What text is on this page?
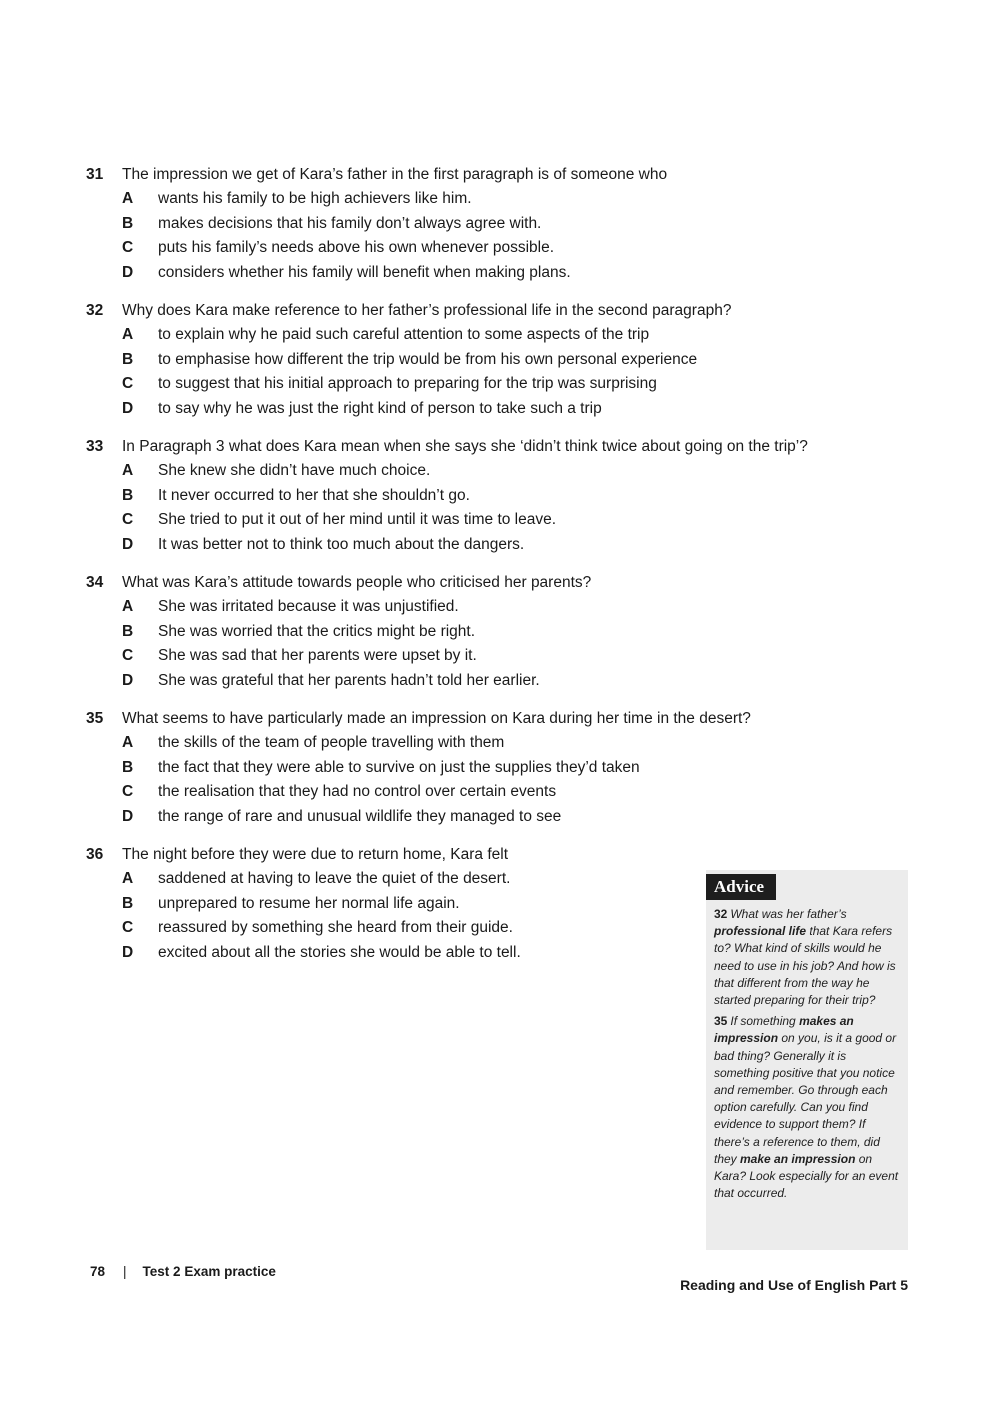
31	The impression we get of Kara’s father in the first paragraph is of someone who
A	wants his family to be high achievers like him.
B	makes decisions that his family don’t always agree with.
C	puts his family’s needs above his own whenever possible.
D	considers whether his family will benefit when making plans.
32	Why does Kara make reference to her father’s professional life in the second paragraph?
A	to explain why he paid such careful attention to some aspects of the trip
B	to emphasise how different the trip would be from his own personal experience
C	to suggest that his initial approach to preparing for the trip was surprising
D	to say why he was just the right kind of person to take such a trip
33	In Paragraph 3 what does Kara mean when she says she ‘didn’t think twice about going on the trip’?
A	She knew she didn’t have much choice.
B	It never occurred to her that she shouldn’t go.
C	She tried to put it out of her mind until it was time to leave.
D	It was better not to think too much about the dangers.
34	What was Kara’s attitude towards people who criticised her parents?
A	She was irritated because it was unjustified.
B	She was worried that the critics might be right.
C	She was sad that her parents were upset by it.
D	She was grateful that her parents hadn’t told her earlier.
35	What seems to have particularly made an impression on Kara during her time in the desert?
A	the skills of the team of people travelling with them
B	the fact that they were able to survive on just the supplies they’d taken
C	the realisation that they had no control over certain events
D	the range of rare and unusual wildlife they managed to see
36	The night before they were due to return home, Kara felt
A	saddened at having to leave the quiet of the desert.
B	unprepared to resume her normal life again.
C	reassured by something she heard from their guide.
D	excited about all the stories she would be able to tell.
Advice

32 What was her father’s professional life that Kara refers to? What kind of skills would he need to use in his job? And how is that different from the way he started preparing for their trip?

35 If something makes an impression on you, is it a good or bad thing? Generally it is something positive that you notice and remember. Go through each option carefully. Can you find evidence to support them? If there’s a reference to them, did they make an impression on Kara? Look especially for an event that occurred.

78 | Test 2 Exam practice
Reading and Use of English Part 5
